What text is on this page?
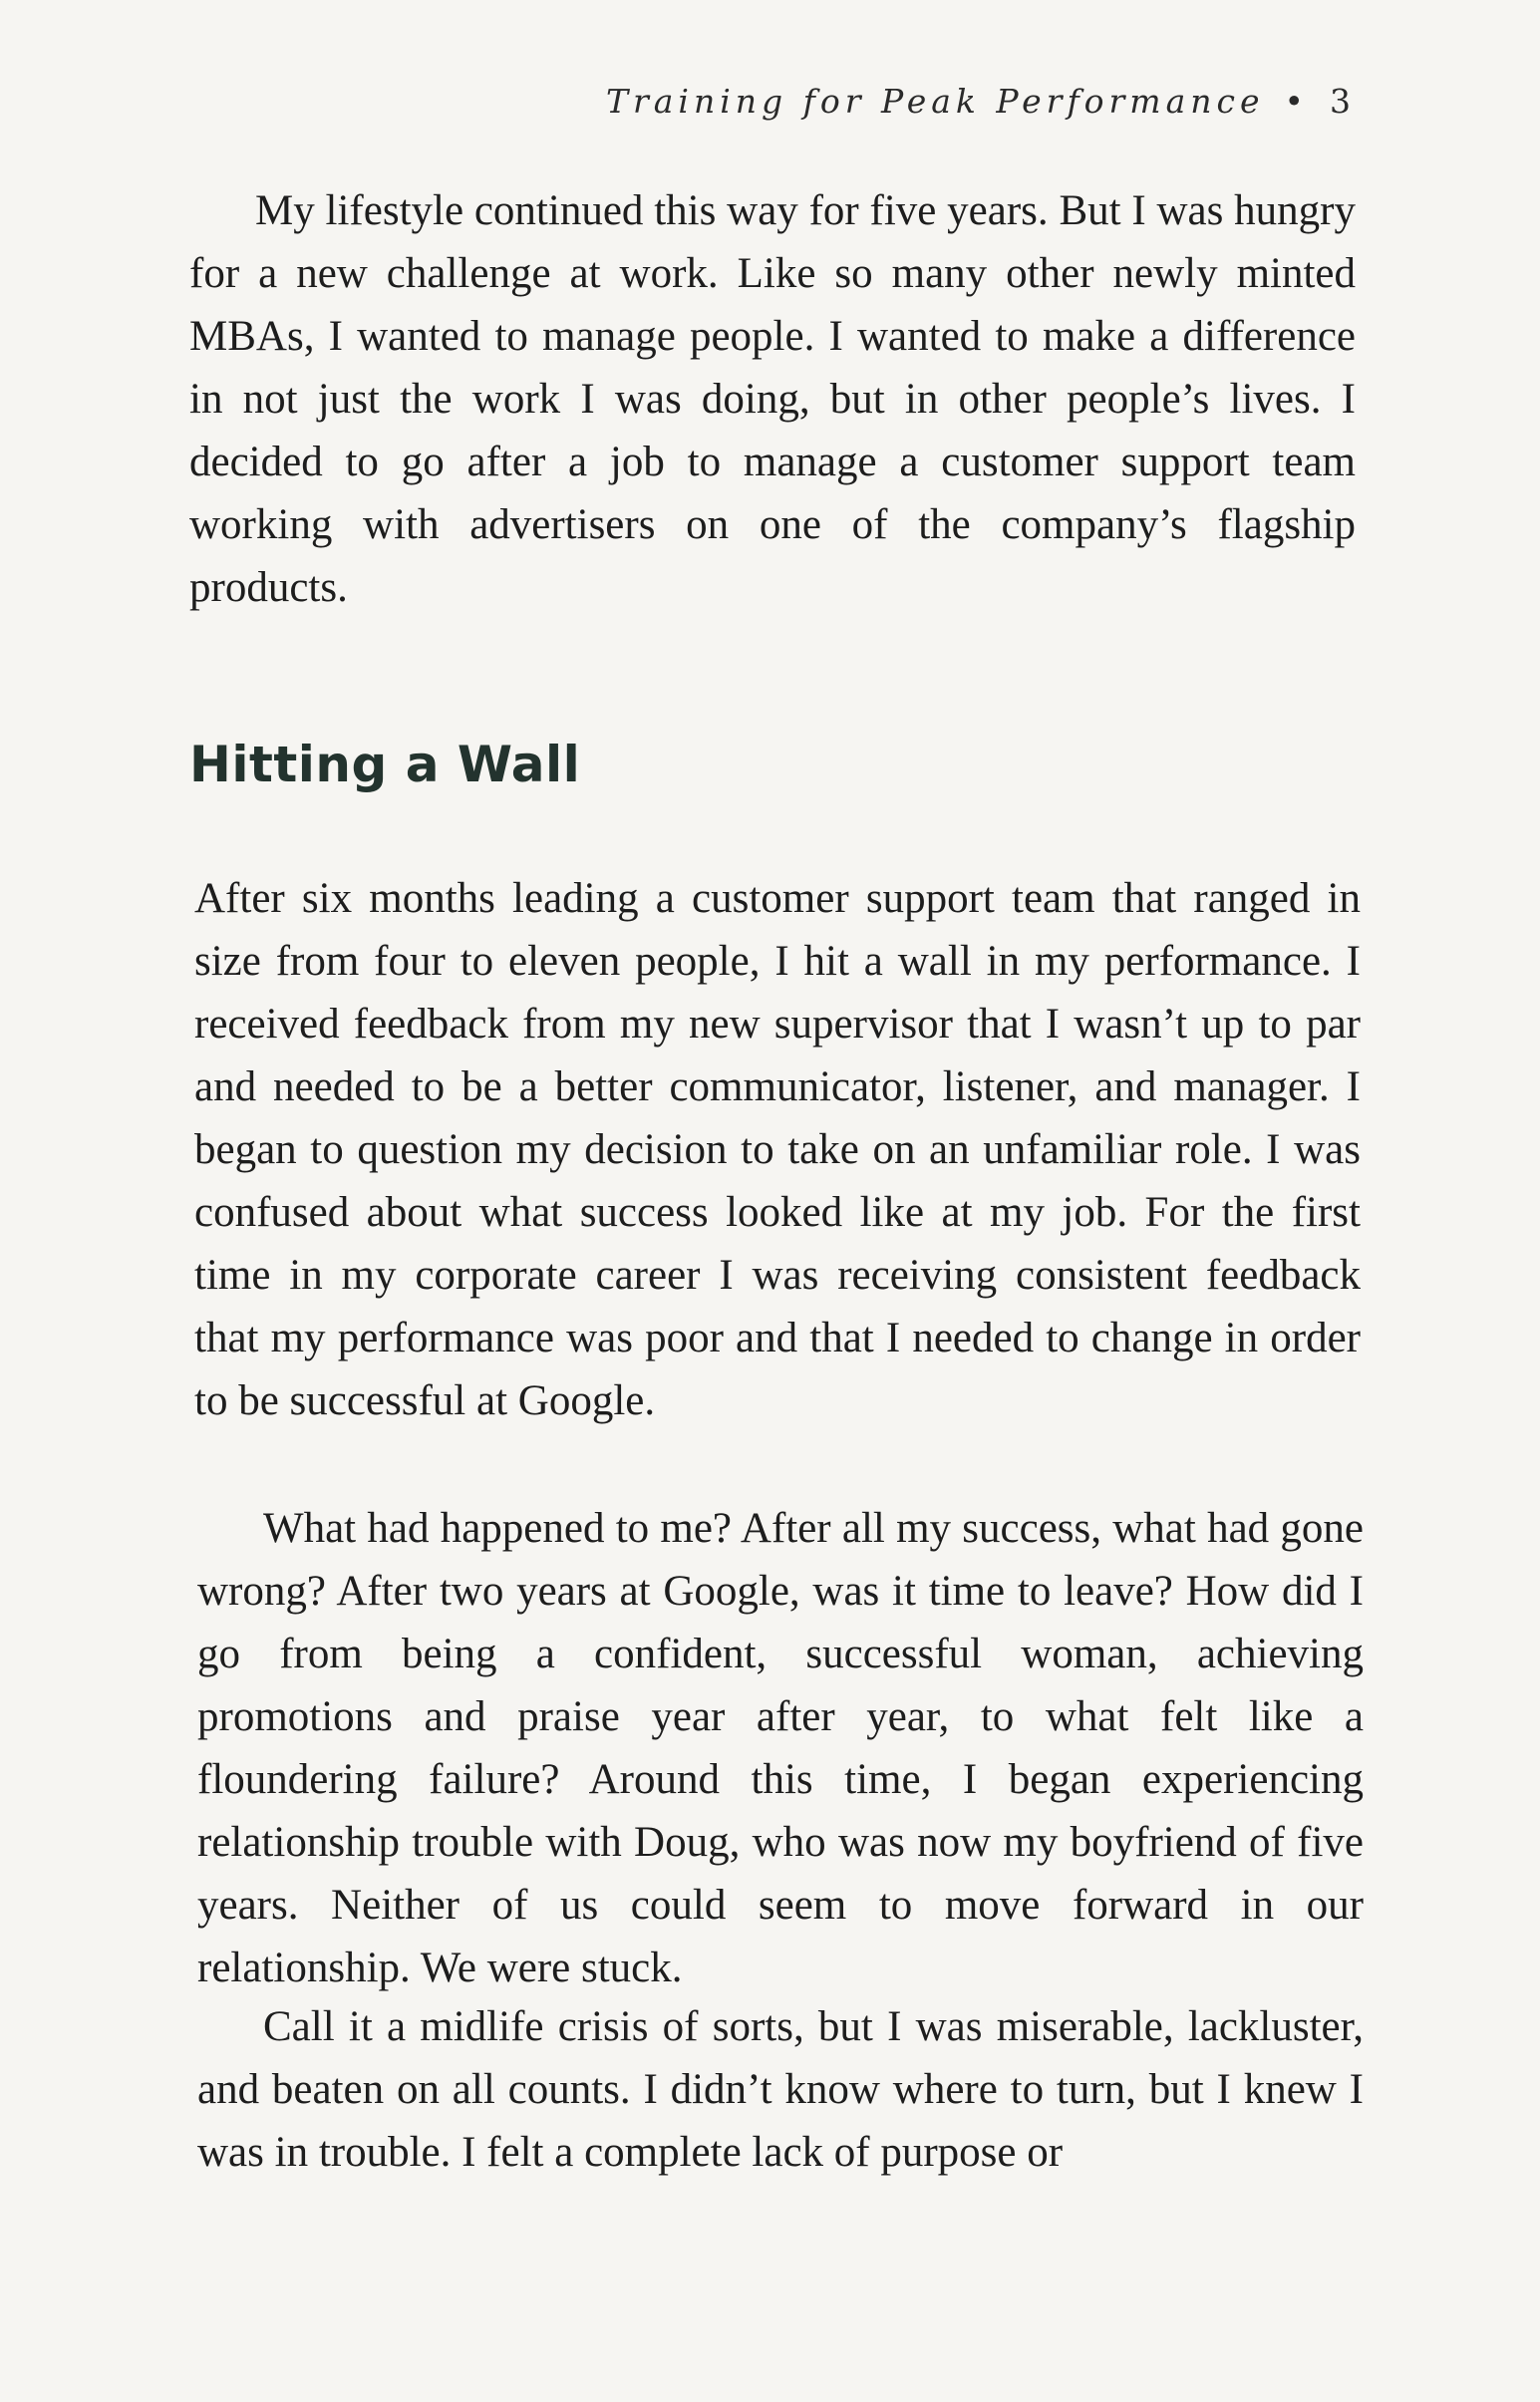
Training for Peak Performance • 3

My lifestyle continued this way for five years. But I was hungry for a new challenge at work. Like so many other newly minted MBAs, I wanted to manage people. I wanted to make a difference in not just the work I was doing, but in other people’s lives. I decided to go after a job to manage a customer support team working with advertisers on one of the company’s flagship products.

Hitting a Wall

After six months leading a customer support team that ranged in size from four to eleven people, I hit a wall in my performance. I received feedback from my new supervisor that I wasn’t up to par and needed to be a better communicator, listener, and manager. I began to question my decision to take on an unfamiliar role. I was confused about what success looked like at my job. For the first time in my corporate career I was receiving consistent feedback that my performance was poor and that I needed to change in order to be successful at Google.

What had happened to me? After all my success, what had gone wrong? After two years at Google, was it time to leave? How did I go from being a confident, successful woman, achieving promotions and praise year after year, to what felt like a floundering failure? Around this time, I began experiencing relationship trouble with Doug, who was now my boyfriend of five years. Neither of us could seem to move forward in our relationship. We were stuck.

Call it a midlife crisis of sorts, but I was miserable, lackluster, and beaten on all counts. I didn’t know where to turn, but I knew I was in trouble. I felt a complete lack of purpose or
